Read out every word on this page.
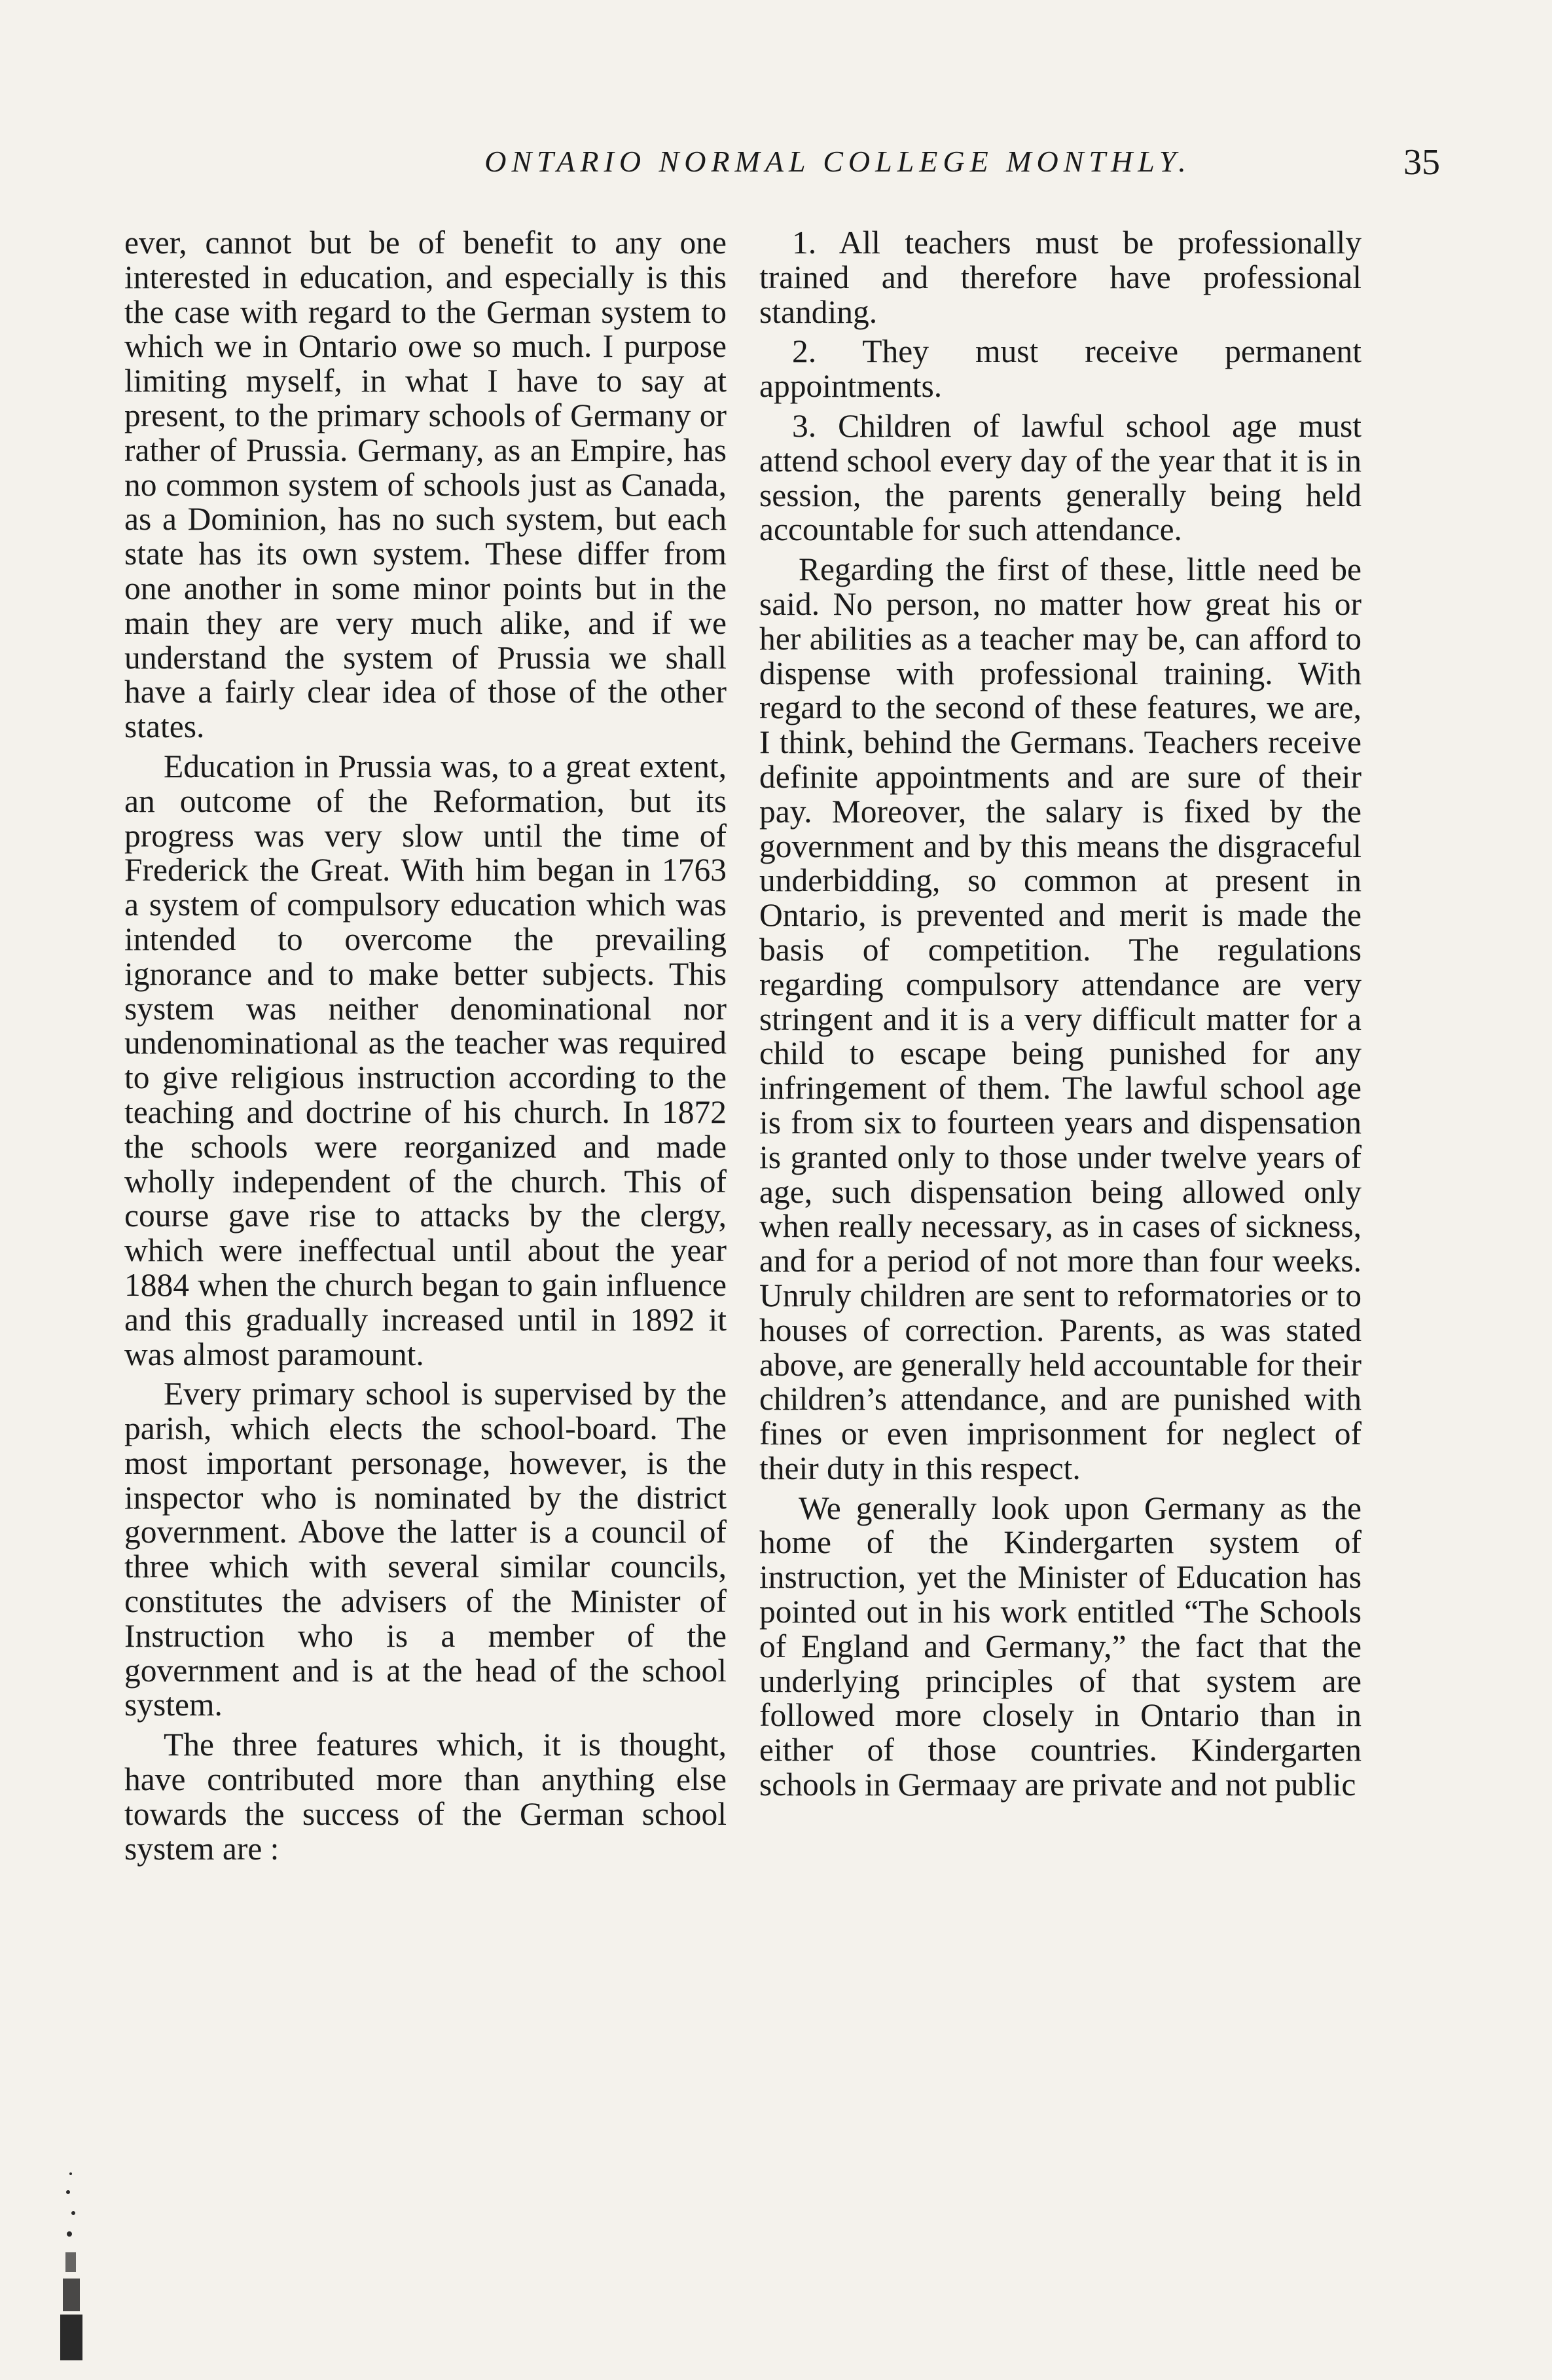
ONTARIO NORMAL COLLEGE MONTHLY.	35

ever, cannot but be of benefit to any one interested in education, and especially is this the case with regard to the German system to which we in Ontario owe so much. I purpose limiting myself, in what I have to say at present, to the primary schools of Germany or rather of Prussia. Germany, as an Empire, has no common system of schools just as Canada, as a Dominion, has no such system, but each state has its own system. These differ from one another in some minor points but in the main they are very much alike, and if we understand the system of Prussia we shall have a fairly clear idea of those of the other states.

Education in Prussia was, to a great extent, an outcome of the Reformation, but its progress was very slow until the time of Frederick the Great. With him began in 1763 a system of compulsory education which was intended to overcome the prevailing ignorance and to make better subjects. This system was neither denominational nor undenominational as the teacher was required to give religious instruction according to the teaching and doctrine of his church. In 1872 the schools were reorganized and made wholly independent of the church. This of course gave rise to attacks by the clergy, which were ineffectual until about the year 1884 when the church began to gain influence and this gradually increased until in 1892 it was almost paramount.

Every primary school is supervised by the parish, which elects the school-board. The most important personage, however, is the inspector who is nominated by the district government. Above the latter is a council of three which with several similar councils, constitutes the advisers of the Minister of Instruction who is a member of the government and is at the head of the school system.

The three features which, it is thought, have contributed more than anything else towards the success of the German school system are :

1. All teachers must be professionally trained and therefore have professional standing.

2. They must receive permanent appointments.

3. Children of lawful school age must attend school every day of the year that it is in session, the parents generally being held accountable for such attendance.

Regarding the first of these, little need be said. No person, no matter how great his or her abilities as a teacher may be, can afford to dispense with professional training. With regard to the second of these features, we are, I think, behind the Germans. Teachers receive definite appointments and are sure of their pay. Moreover, the salary is fixed by the government and by this means the disgraceful underbidding, so common at present in Ontario, is prevented and merit is made the basis of competition. The regulations regarding compulsory attendance are very stringent and it is a very difficult matter for a child to escape being punished for any infringement of them. The lawful school age is from six to fourteen years and dispensation is granted only to those under twelve years of age, such dispensation being allowed only when really necessary, as in cases of sickness, and for a period of not more than four weeks. Unruly children are sent to reformatories or to houses of correction. Parents, as was stated above, are generally held accountable for their children’s attendance, and are punished with fines or even imprisonment for neglect of their duty in this respect.

We generally look upon Germany as the home of the Kindergarten system of instruction, yet the Minister of Education has pointed out in his work entitled “The Schools of England and Germany,” the fact that the underlying principles of that system are followed more closely in Ontario than in either of those countries. Kindergarten schools in Germaay are private and not public
